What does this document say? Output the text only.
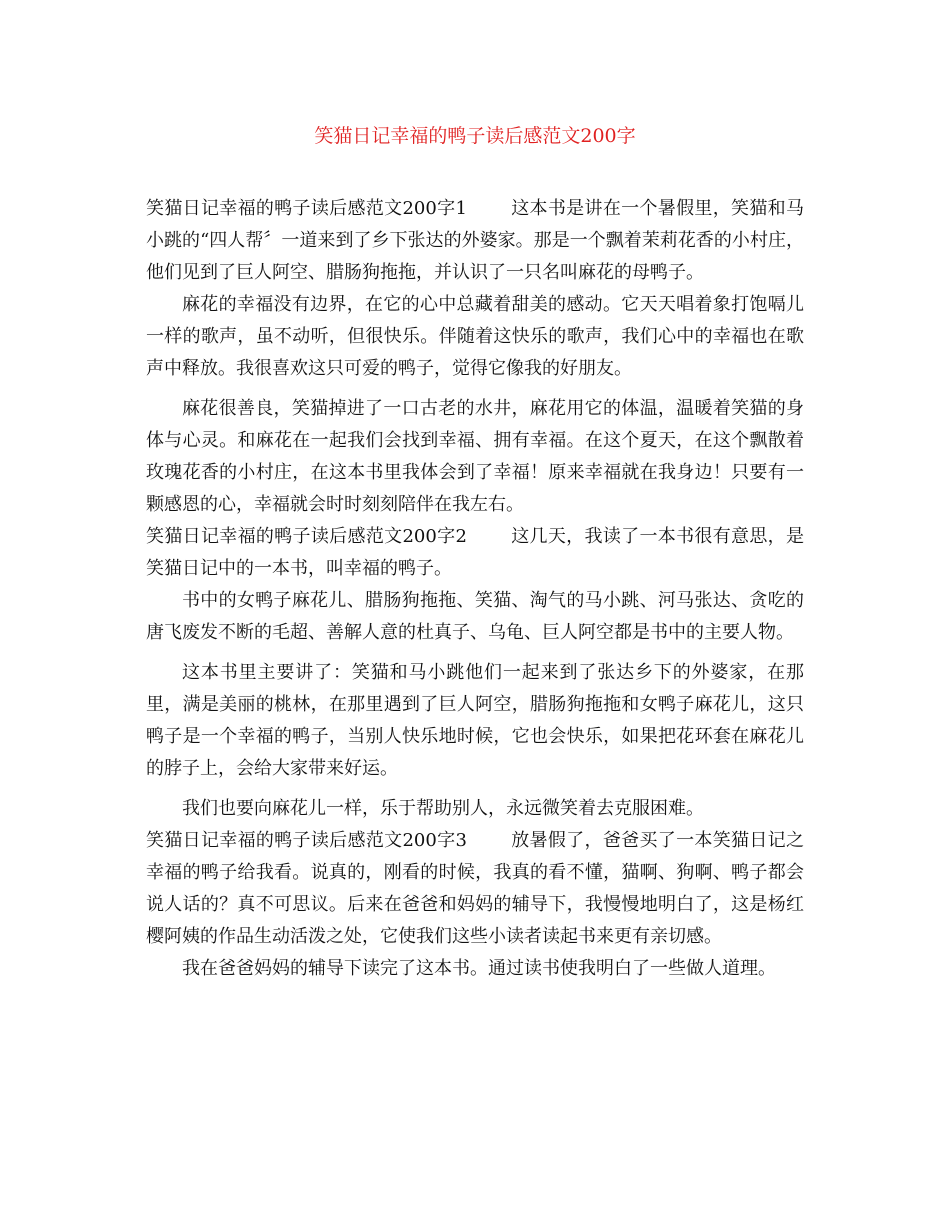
笑猫日记幸福的鸭子读后感范文200字

笑猫日记幸福的鸭子读后感范文200字1 这本书是讲在一个暑假里，笑猫和马小跳的“四人帮〞一道来到了乡下张达的外婆家。那是一个飘着茉莉花香的小村庄，他们见到了巨人阿空、腊肠狗拖拖，并认识了一只名叫麻花的母鸭子。

麻花的幸福没有边界，在它的心中总藏着甜美的感动。它天天唱着象打饱嗝儿一样的歌声，虽不动听，但很快乐。伴随着这快乐的歌声，我们心中的幸福也在歌声中释放。我很喜欢这只可爱的鸭子，觉得它像我的好朋友。

麻花很善良，笑猫掉进了一口古老的水井，麻花用它的体温，温暖着笑猫的身体与心灵。和麻花在一起我们会找到幸福、拥有幸福。在这个夏天，在这个飘散着玫瑰花香的小村庄，在这本书里我体会到了幸福！原来幸福就在我身边！只要有一颗感恩的心，幸福就会时时刻刻陪伴在我左右。

笑猫日记幸福的鸭子读后感范文200字2 这几天，我读了一本书很有意思，是笑猫日记中的一本书，叫幸福的鸭子。

书中的女鸭子麻花儿、腊肠狗拖拖、笑猫、淘气的马小跳、河马张达、贪吃的唐飞废发不断的毛超、善解人意的杜真子、乌龟、巨人阿空都是书中的主要人物。

这本书里主要讲了：笑猫和马小跳他们一起来到了张达乡下的外婆家，在那里，满是美丽的桃林，在那里遇到了巨人阿空，腊肠狗拖拖和女鸭子麻花儿，这只鸭子是一个幸福的鸭子，当别人快乐地时候，它也会快乐，如果把花环套在麻花儿的脖子上，会给大家带来好运。

我们也要向麻花儿一样，乐于帮助别人，永远微笑着去克服困难。

笑猫日记幸福的鸭子读后感范文200字3 放暑假了，爸爸买了一本笑猫日记之幸福的鸭子给我看。说真的，刚看的时候，我真的看不懂，猫啊、狗啊、鸭子都会说人话的？真不可思议。后来在爸爸和妈妈的辅导下，我慢慢地明白了，这是杨红樱阿姨的作品生动活泼之处，它使我们这些小读者读起书来更有亲切感。

我在爸爸妈妈的辅导下读完了这本书。通过读书使我明白了一些做人道理。
